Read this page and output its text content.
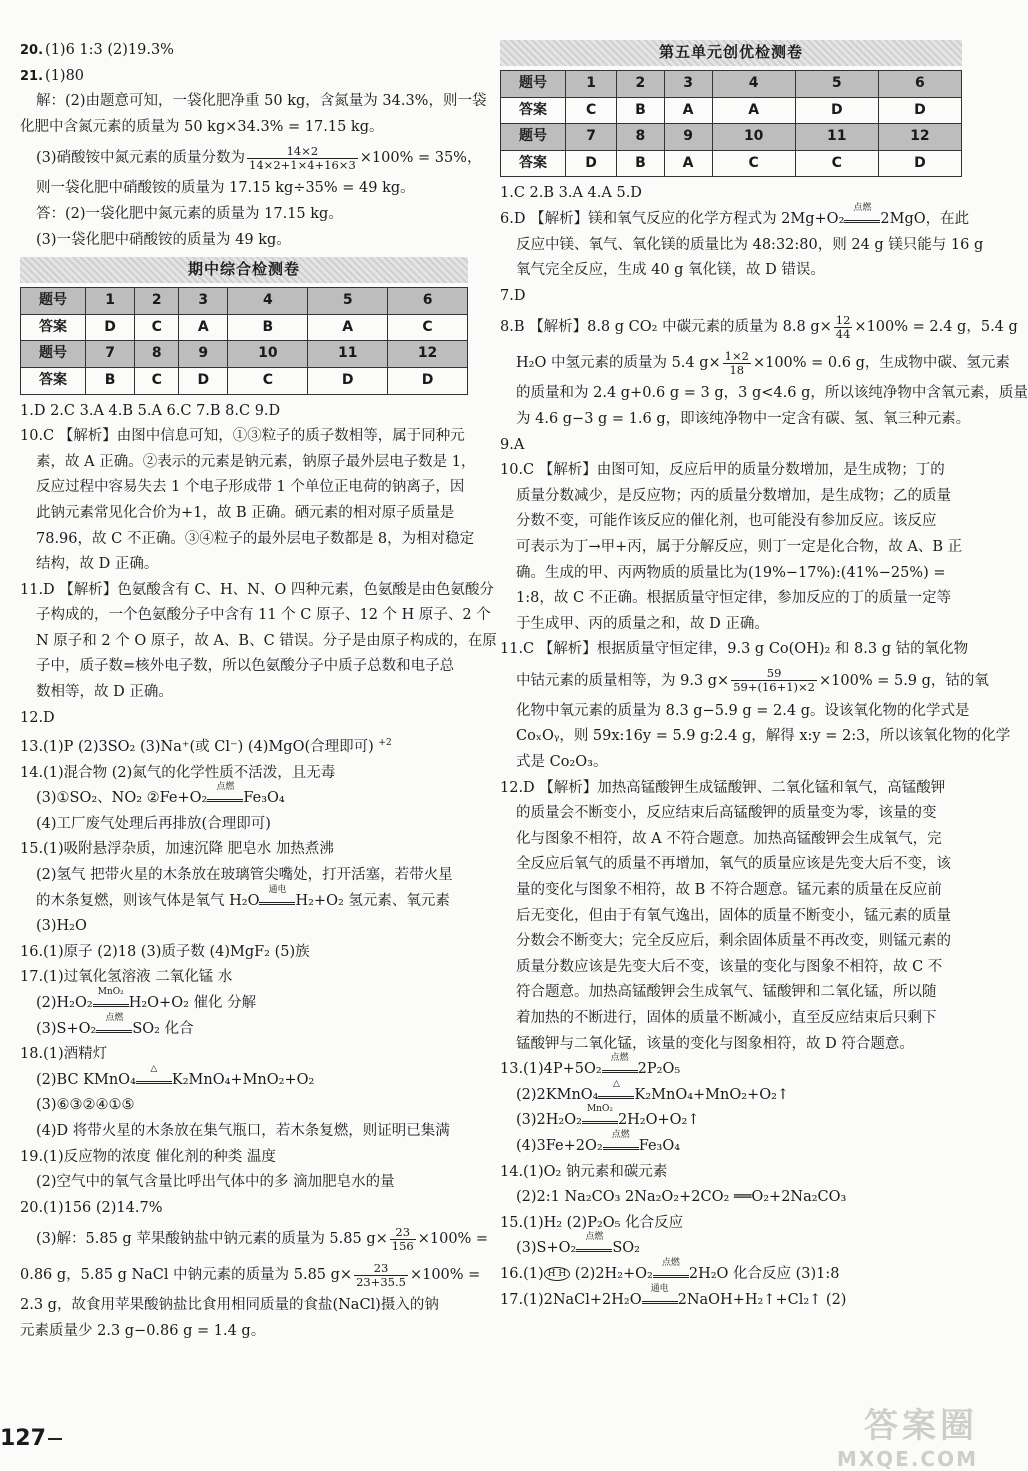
20. (1)6 1:3 (2)19.3%
21. (1)80
解：(2)由题意可知，一袋化肥净重 50 kg，含氮量为 34.3%，则一袋
化肥中含氮元素的质量为 50 kg×34.3% = 17.15 kg。
(3)硝酸铵中氮元素的质量分数为 $\frac{14\times 2}{14\times 2+1\times 4+16\times 3} \times 100\% = 35\%$，
则一袋化肥中硝酸铵的质量为 17.15 kg÷35% = 49 kg。
答：(2)一袋化肥中氮元素的质量为 17.15 kg。
(3)一袋化肥中硝酸铵的质量为 49 kg。
期中综合检测卷
题号	1	2	3	4	5	6
答案	D	C	A	B	A	C
题号	7	8	9	10	11	12
答案	B	C	D	C	D	D
1.D 2.C 3.A 4.B 5.A 6.C 7.B 8.C 9.D
10.C 【解析】由图中信息可知，①③粒子的质子数相等，属于同种元
素，故 A 正确。②表示的元素是钠元素，钠原子最外层电子数是 1，
反应过程中容易失去 1 个电子形成带 1 个单位正电荷的钠离子，因
此钠元素常见化合价为+1，故 B 正确。硒元素的相对原子质量是
78.96，故 C 不正确。③④粒子的最外层电子数都是 8，为相对稳定
结构，故 D 正确。
11.D 【解析】色氨酸含有 C、H、N、O 四种元素，色氨酸是由色氨酸分
子构成的，一个色氨酸分子中含有 11 个 C 原子、12 个 H 原子、2 个
N 原子和 2 个 O 原子，故 A、B、C 错误。分子是由原子构成的，在原
子中，质子数=核外电子数，所以色氨酸分子中质子总数和电子总
数相等，故 D 正确。
12.D
13.(1)P (2)3SO₂ (3)Na⁺(或 Cl⁻) (4)MgO(合理即可) $^{+2}$
14.(1)混合物 (2)氮气的化学性质不活泼，且无毒
(3)①SO₂、NO₂ ②Fe+O₂
点燃
Fe₃O₄
(4)工厂废气处理后再排放(合理即可)
15.(1)吸附悬浮杂质，加速沉降 肥皂水 加热煮沸
(2)氢气 把带火星的木条放在玻璃管尖嘴处，打开活塞，若带火星
的木条复燃，则该气体是氧气 H₂O
通电
H₂+O₂ 氢元素、氧元素
(3)H₂O
16.(1)原子 (2)18 (3)质子数 (4)MgF₂ (5)族
17.(1)过氧化氢溶液 二氧化锰 水
(2)H₂O₂
MnO₂
H₂O+O₂ 催化 分解
(3)S+O₂
点燃
SO₂ 化合
18.(1)酒精灯
(2)BC KMnO₄
△
K₂MnO₄+MnO₂+O₂
(3)⑥③②④①⑤
(4)D 将带火星的木条放在集气瓶口，若木条复燃，则证明已集满
19.(1)反应物的浓度 催化剂的种类 温度
(2)空气中的氧气含量比呼出气体中的多 滴加肥皂水的量
20.(1)156 (2)14.7%
(3)解：5.85 g 苹果酸钠盐中钠元素的质量为 5.85 $g\times \frac{23}{156} \times 100\%$ =
0.86 g，5.85 g NaCl 中钠元素的质量为 5.85 $g\times \frac{23}{23+35.5} \times 100\%$ =
2.3 g，故食用苹果酸钠盐比食用相同质量的食盐(NaCl)摄入的钠
元素质量少 2.3 g−0.86 g = 1.4 g。
第五单元创优检测卷
题号	1	2	3	4	5	6
答案	C	B	A	A	D	D
题号	7	8	9	10	11	12
答案	D	B	A	C	C	D
1.C 2.B 3.A 4.A 5.D
6.D 【解析】镁和氧气反应的化学方程式为 2Mg+O₂
点燃
2MgO，在此
反应中镁、氧气、氧化镁的质量比为 48:32:80，则 24 g 镁只能与 16 g
氧气完全反应，生成 40 g 氧化镁，故 D 错误。
7.D
8.B 【解析】8.8 g CO₂ 中碳元素的质量为 8.8 $g\times \frac{12}{44} \times 100\% = 2.4$ g，5.4 g
H₂O 中氢元素的质量为 5.4 $g\times \frac{1\times 2}{18} \times 100\% = 0.6$ g，生成物中碳、氢元素
的质量和为 2.4 g+0.6 g = 3 g，3 g<4.6 g，所以该纯净物中含氧元素，质量
为 4.6 g−3 g = 1.6 g，即该纯净物中一定含有碳、氢、氧三种元素。
9.A
10.C 【解析】由图可知，反应后甲的质量分数增加，是生成物；丁的
质量分数减少，是反应物；丙的质量分数增加，是生成物；乙的质量
分数不变，可能作该反应的催化剂，也可能没有参加反应。该反应
可表示为丁→甲+丙，属于分解反应，则丁一定是化合物，故 A、B 正
确。生成的甲、丙两物质的质量比为(19%−17%):(41%−25%) =
1:8，故 C 不正确。根据质量守恒定律，参加反应的丁的质量一定等
于生成甲、丙的质量之和，故 D 正确。
11.C 【解析】根据质量守恒定律，9.3 g Co(OH)₂ 和 8.3 g 钴的氧化物
中钴元素的质量相等，为 9.3 $g\times \frac{59}{59+(16+1)\times 2} \times 100\% = 5.9$ g，钴的氧
化物中氧元素的质量为 8.3 g−5.9 g = 2.4 g。设该氧化物的化学式是
CoₓOᵧ，则 59x:16y = 5.9 g:2.4 g，解得 x:y = 2:3，所以该氧化物的化学
式是 Co₂O₃。
12.D 【解析】加热高锰酸钾生成锰酸钾、二氧化锰和氧气，高锰酸钾
的质量会不断变小，反应结束后高锰酸钾的质量变为零，该量的变
化与图象不相符，故 A 不符合题意。加热高锰酸钾会生成氧气，完
全反应后氧气的质量不再增加，氧气的质量应该是先变大后不变，该
量的变化与图象不相符，故 B 不符合题意。锰元素的质量在反应前
后无变化，但由于有氧气逸出，固体的质量不断变小，锰元素的质量
分数会不断变大；完全反应后，剩余固体质量不再改变，则锰元素的
质量分数应该是先变大后不变，该量的变化与图象不相符，故 C 不
符合题意。加热高锰酸钾会生成氧气、锰酸钾和二氧化锰，所以随
着加热的不断进行，固体的质量不断减小，直至反应结束后只剩下
锰酸钾与二氧化锰，该量的变化与图象相符，故 D 符合题意。
13.(1)4P+5O₂
点燃
2P₂O₅
(2)2KMnO₄
△
K₂MnO₄+MnO₂+O₂↑
(3)2H₂O₂
MnO₂
2H₂O+O₂↑
(4)3Fe+2O₂
点燃
Fe₃O₄
14.(1)O₂ 钠元素和碳元素
(2)2:1 Na₂CO₃ 2Na₂O₂+2CO₂ ══O₂+2Na₂CO₃
15.(1)H₂ (2)P₂O₅ 化合反应
(3)S+O₂
点燃
SO₂
16.(1) H H (2)2H₂+O₂
点燃
2H₂O 化合反应 (3)1:8
17.(1)2NaCl+2H₂O
通电
2NaOH+H₂↑+Cl₂↑ (2)
127	答案圈
MXQE.COM
